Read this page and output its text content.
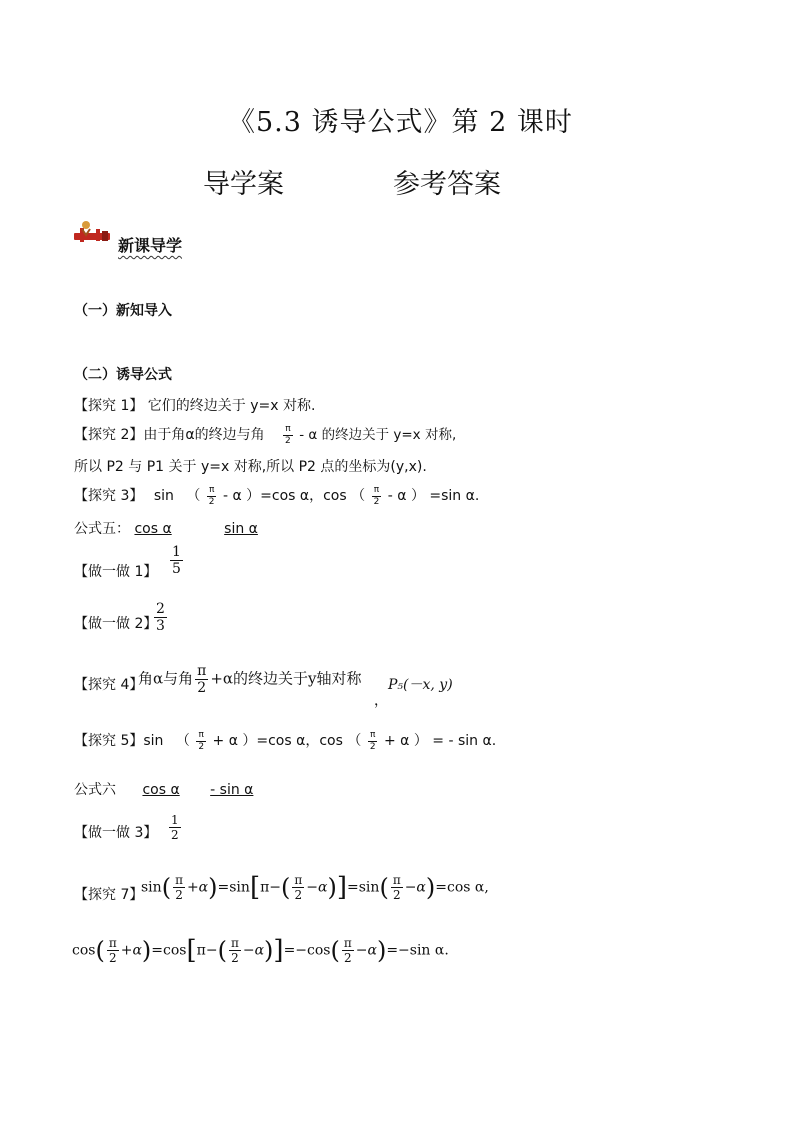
《5.3 诱导公式》第 2 课时
导学案	参考答案
新课导学
（一）新知导入
（二）诱导公式
【探究 1】 它们的终边关于 y=x 对称.
【探究 2】由于角α的终边与角 $\frac{\pi}{2}$ - α 的终边关于 y=x 对称,
所以 P2 与 P1 关于 y=x 对称,所以 P2 点的坐标为(y,x).
【探究 3】 sin （ $\frac{\pi}{2}$ - α ）=cos α，cos （ $\frac{\pi}{2}$ - α ） =sin α.
公式五： cos α	sin α
【做一做 1】 $\frac{1}{5}$
【做一做 2】
$\frac{2}{3}$
【探究 4】
角α与角 $\frac{\pi}{2} +\alpha$的终边关于y轴对称 P₅(－x, y)
，
【探究 5】sin （ $\frac{\pi}{2} + \alpha$ ）=cos α，cos （ $\frac{\pi}{2} + \alpha$ ） = - sin α.
公式六 cos α - sin α
【做一做 3】 $\frac{1}{2}$
【探究 7】
$\sin( \frac{\pi}{2} +\alpha)=\sin[\pi-( \frac{\pi}{2} -\alpha)]=\sin( \frac{\pi}{2} -\alpha)=\cos$ α,
$\cos( \frac{\pi}{2} +\alpha)=\cos[\pi-( \frac{\pi}{2} -\alpha)]=-\cos( \frac{\pi}{2} -\alpha)=-\sin$ α.
